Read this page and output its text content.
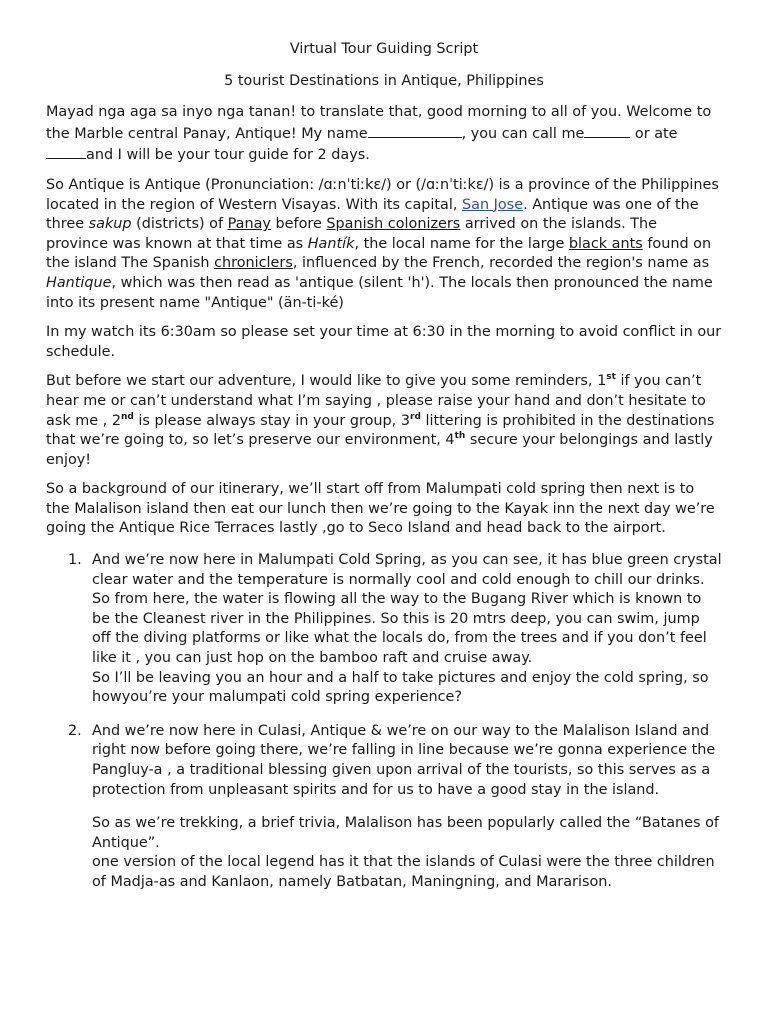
Virtual Tour Guiding Script

5 tourist Destinations in Antique, Philippines

Mayad nga aga sa inyo nga tanan! to translate that, good morning to all of you. Welcome to the Marble central Panay, Antique! My name	, you can call me	or ate and I will be your tour guide for 2 days.

So Antique is Antique (Pronunciation: /ɑːnˈtiːkɛ/) or (/ɑːnˈtiːkɛ/) is a province of the Philippines located in the region of Western Visayas. With its capital, San Jose. Antique was one of the three sakup (districts) of Panay before Spanish colonizers arrived on the islands. The province was known at that time as Hantík, the local name for the large black ants found on the island The Spanish chroniclers, influenced by the French, recorded the region's name as Hantique, which was then read as 'antique (silent 'h'). The locals then pronounced the name into its present name "Antique" (än-ti-ké)

In my watch its 6:30am so please set your time at 6:30 in the morning to avoid conflict in our schedule.

But before we start our adventure, I would like to give you some reminders, 1st if you can’t hear me or can’t understand what I’m saying , please raise your hand and don’t hesitate to ask me , 2nd is please always stay in your group, 3rd littering is prohibited in the destinations that we’re going to, so let’s preserve our environment, 4th secure your belongings and lastly enjoy!

So a background of our itinerary, we’ll start off from Malumpati cold spring then next is to the Malalison island then eat our lunch then we’re going to the Kayak inn the next day we’re going the Antique Rice Terraces lastly ,go to Seco Island and head back to the airport.

1. And we’re now here in Malumpati Cold Spring, as you can see, it has blue green crystal clear water and the temperature is normally cool and cold enough to chill our drinks. So from here, the water is flowing all the way to the Bugang River which is known to be the Cleanest river in the Philippines. So this is 20 mtrs deep, you can swim, jump off the diving platforms or like what the locals do, from the trees and if you don’t feel like it , you can just hop on the bamboo raft and cruise away.

So I’ll be leaving you an hour and a half to take pictures and enjoy the cold spring, so howyou’re your malumpati cold spring experience?

2. And we’re now here in Culasi, Antique & we’re on our way to the Malalison Island and right now before going there, we’re falling in line because we’re gonna experience the Pangluy-a , a traditional blessing given upon arrival of the tourists, so this serves as a protection from unpleasant spirits and for us to have a good stay in the island.

So as we’re trekking, a brief trivia, Malalison has been popularly called the “Batanes of Antique”.

one version of the local legend has it that the islands of Culasi were the three children of Madja-as and Kanlaon, namely Batbatan, Maningning, and Mararison.
